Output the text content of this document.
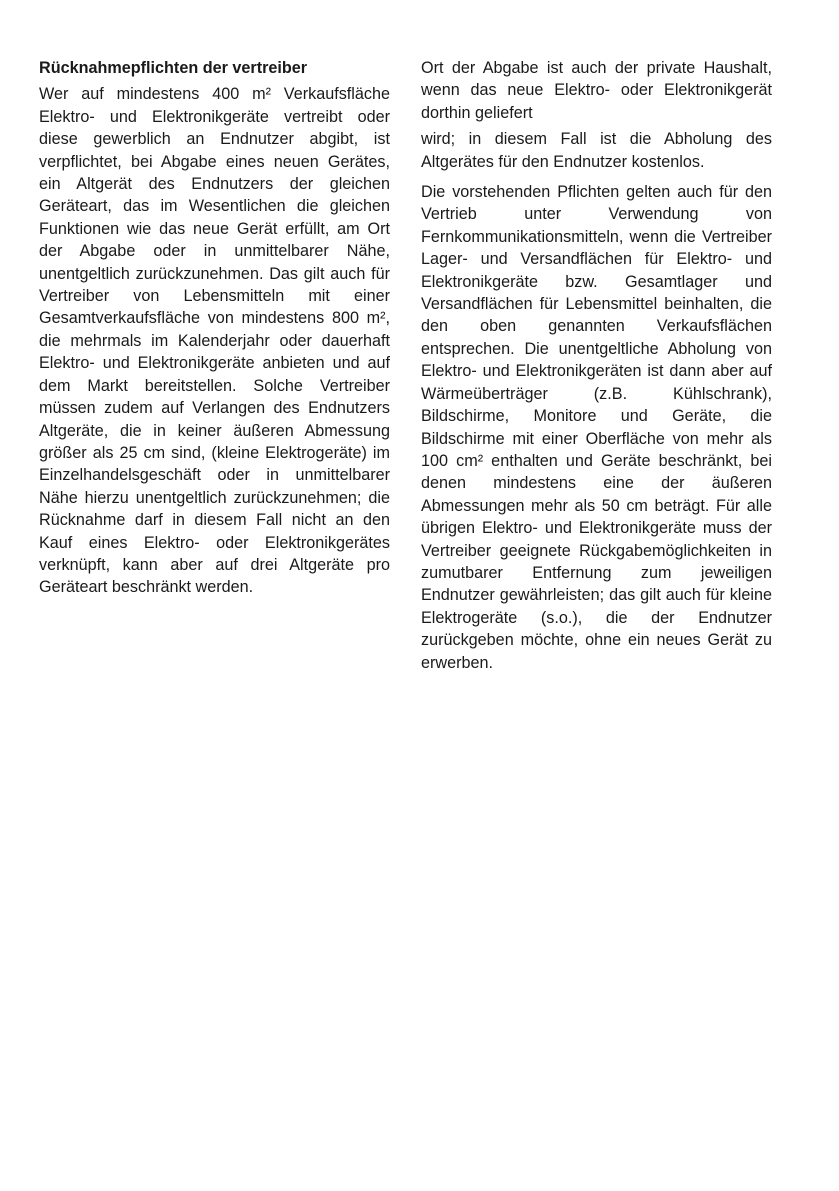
Rücknahmepflichten der vertreiber

Wer auf mindestens 400 m² Verkaufsfläche Elektro- und Elektronikgeräte vertreibt oder diese gewerblich an Endnutzer abgibt, ist verpflichtet, bei Abgabe eines neuen Gerätes, ein Altgerät des Endnutzers der gleichen Geräteart, das im Wesentlichen die gleichen Funktionen wie das neue Gerät erfüllt, am Ort der Abgabe oder in unmittelbarer Nähe, unentgeltlich zurückzunehmen. Das gilt auch für Vertreiber von Lebensmitteln mit einer Gesamtverkaufsfläche von mindestens 800 m², die mehrmals im Kalenderjahr oder dauerhaft Elektro- und Elektronikgeräte anbieten und auf dem Markt bereitstellen. Solche Vertreiber müssen zudem auf Verlangen des Endnutzers Altgeräte, die in keiner äußeren Abmessung größer als 25 cm sind, (kleine Elektrogeräte) im Einzelhandelsgeschäft oder in unmittelbarer Nähe hierzu unentgeltlich zurückzunehmen; die Rücknahme darf in diesem Fall nicht an den Kauf eines Elektro- oder Elektronikgerätes verknüpft, kann aber auf drei Altgeräte pro Geräteart beschränkt werden.

Ort der Abgabe ist auch der private Haushalt, wenn das neue Elektro- oder Elektronikgerät dorthin geliefert

wird; in diesem Fall ist die Abholung des Altgerätes für den Endnutzer kostenlos.

Die vorstehenden Pflichten gelten auch für den Vertrieb unter Verwendung von Fernkommunikationsmitteln, wenn die Vertreiber Lager- und Versandflächen für Elektro- und Elektronikgeräte bzw. Gesamtlager und Versandflächen für Lebensmittel beinhalten, die den oben genannten Verkaufsflächen entsprechen. Die unentgeltliche Abholung von Elektro- und Elektronikgeräten ist dann aber auf Wärmeüberträger (z.B. Kühlschrank), Bildschirme, Monitore und Geräte, die Bildschirme mit einer Oberfläche von mehr als 100 cm² enthalten und Geräte beschränkt, bei denen mindestens eine der äußeren Abmessungen mehr als 50 cm beträgt. Für alle übrigen Elektro- und Elektronikgeräte muss der Vertreiber geeignete Rückgabemöglichkeiten in zumutbarer Entfernung zum jeweiligen Endnutzer gewährleisten; das gilt auch für kleine Elektrogeräte (s.o.), die der Endnutzer zurückgeben möchte, ohne ein neues Gerät zu erwerben.
